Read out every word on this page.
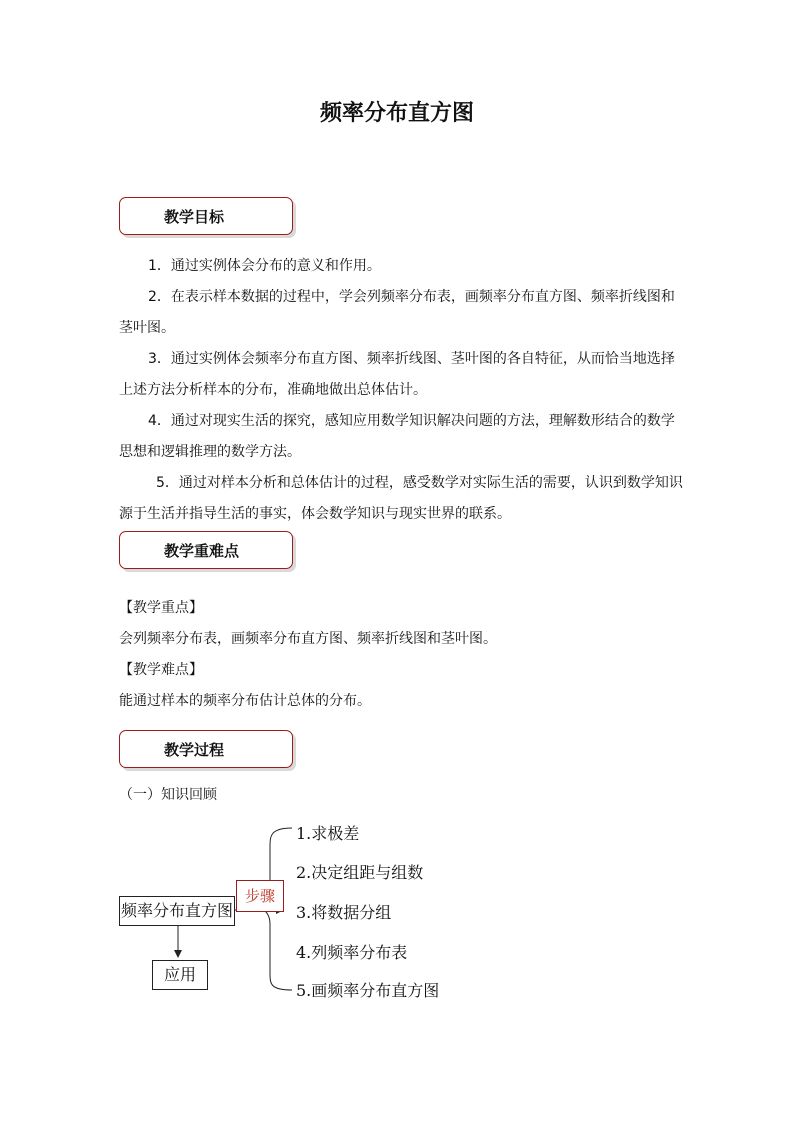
频率分布直方图
教学目标
1．通过实例体会分布的意义和作用。
2．在表示样本数据的过程中，学会列频率分布表，画频率分布直方图、频率折线图和
茎叶图。
3．通过实例体会频率分布直方图、频率折线图、茎叶图的各自特征，从而恰当地选择
上述方法分析样本的分布，准确地做出总体估计。
4．通过对现实生活的探究，感知应用数学知识解决问题的方法，理解数形结合的数学
思想和逻辑推理的数学方法。
5．通过对样本分析和总体估计的过程，感受数学对实际生活的需要，认识到数学知识
源于生活并指导生活的事实，体会数学知识与现实世界的联系。
教学重难点
【教学重点】
会列频率分布表，画频率分布直方图、频率折线图和茎叶图。
【教学难点】
能通过样本的频率分布估计总体的分布。
教学过程
（一）知识回顾
频率分布直方图
应用
步骤
1.求极差
2.决定组距与组数
3.将数据分组
4.列频率分布表
5.画频率分布直方图
